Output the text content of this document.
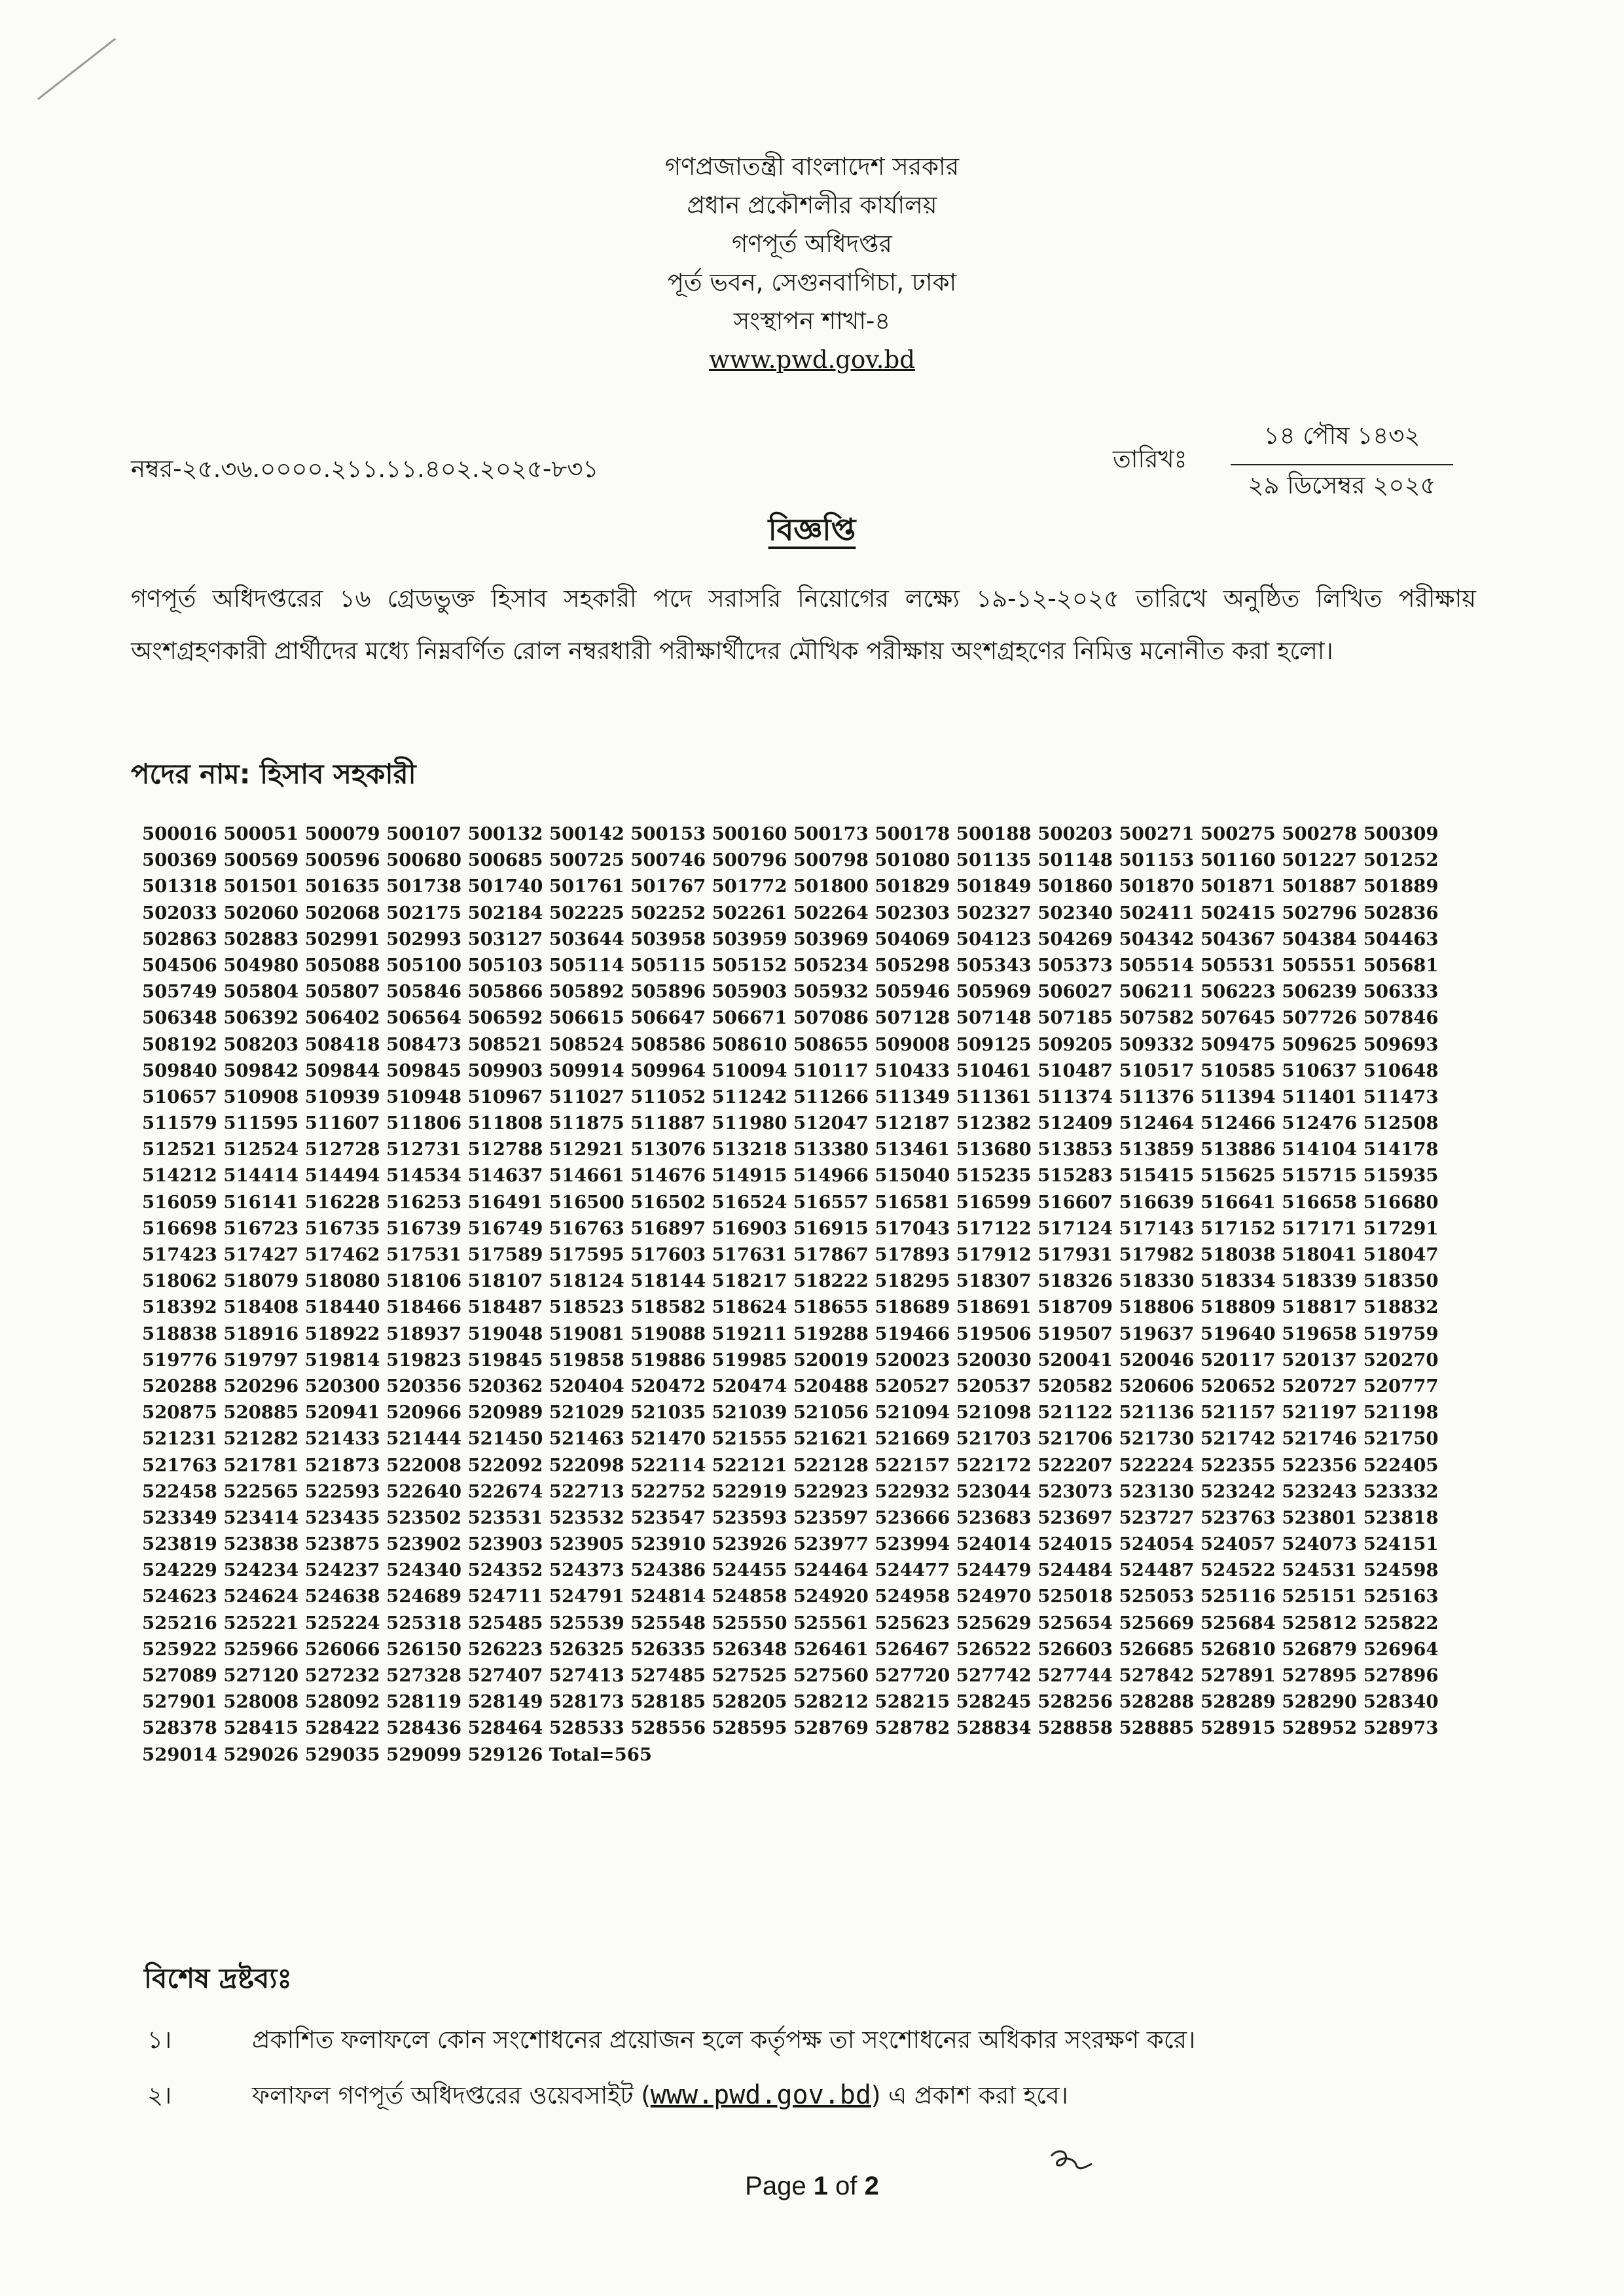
গণপ্রজাতন্ত্রী বাংলাদেশ সরকার
প্রধান প্রকৌশলীর কার্যালয়
গণপূর্ত অধিদপ্তর
পূর্ত ভবন, সেগুনবাগিচা, ঢাকা
সংস্থাপন শাখা-৪
www.pwd.gov.bd
নম্বর-২৫.৩৬.০০০০.২১১.১১.৪০২.২০২৫-৮৩১	তারিখঃ
১৪ পৌষ ১৪৩২
২৯ ডিসেম্বর ২০২৫
বিজ্ঞপ্তি
গণপূর্ত অধিদপ্তরের ১৬ গ্রেডভুক্ত হিসাব সহকারী পদে সরাসরি নিয়োগের লক্ষ্যে ১৯-১২-২০২৫ তারিখে অনুষ্ঠিত লিখিত পরীক্ষায় অংশগ্রহণকারী প্রার্থীদের মধ্যে নিম্নবর্ণিত রোল নম্বরধারী পরীক্ষার্থীদের মৌখিক পরীক্ষায় অংশগ্রহণের নিমিত্ত মনোনীত করা হলো।
পদের নাম: হিসাব সহকারী
500016 500051 500079 500107 500132 500142 500153 500160 500173 500178 500188 500203 500271 500275 500278 500309
500369 500569 500596 500680 500685 500725 500746 500796 500798 501080 501135 501148 501153 501160 501227 501252
501318 501501 501635 501738 501740 501761 501767 501772 501800 501829 501849 501860 501870 501871 501887 501889
502033 502060 502068 502175 502184 502225 502252 502261 502264 502303 502327 502340 502411 502415 502796 502836
502863 502883 502991 502993 503127 503644 503958 503959 503969 504069 504123 504269 504342 504367 504384 504463
504506 504980 505088 505100 505103 505114 505115 505152 505234 505298 505343 505373 505514 505531 505551 505681
505749 505804 505807 505846 505866 505892 505896 505903 505932 505946 505969 506027 506211 506223 506239 506333
506348 506392 506402 506564 506592 506615 506647 506671 507086 507128 507148 507185 507582 507645 507726 507846
508192 508203 508418 508473 508521 508524 508586 508610 508655 509008 509125 509205 509332 509475 509625 509693
509840 509842 509844 509845 509903 509914 509964 510094 510117 510433 510461 510487 510517 510585 510637 510648
510657 510908 510939 510948 510967 511027 511052 511242 511266 511349 511361 511374 511376 511394 511401 511473
511579 511595 511607 511806 511808 511875 511887 511980 512047 512187 512382 512409 512464 512466 512476 512508
512521 512524 512728 512731 512788 512921 513076 513218 513380 513461 513680 513853 513859 513886 514104 514178
514212 514414 514494 514534 514637 514661 514676 514915 514966 515040 515235 515283 515415 515625 515715 515935
516059 516141 516228 516253 516491 516500 516502 516524 516557 516581 516599 516607 516639 516641 516658 516680
516698 516723 516735 516739 516749 516763 516897 516903 516915 517043 517122 517124 517143 517152 517171 517291
517423 517427 517462 517531 517589 517595 517603 517631 517867 517893 517912 517931 517982 518038 518041 518047
518062 518079 518080 518106 518107 518124 518144 518217 518222 518295 518307 518326 518330 518334 518339 518350
518392 518408 518440 518466 518487 518523 518582 518624 518655 518689 518691 518709 518806 518809 518817 518832
518838 518916 518922 518937 519048 519081 519088 519211 519288 519466 519506 519507 519637 519640 519658 519759
519776 519797 519814 519823 519845 519858 519886 519985 520019 520023 520030 520041 520046 520117 520137 520270
520288 520296 520300 520356 520362 520404 520472 520474 520488 520527 520537 520582 520606 520652 520727 520777
520875 520885 520941 520966 520989 521029 521035 521039 521056 521094 521098 521122 521136 521157 521197 521198
521231 521282 521433 521444 521450 521463 521470 521555 521621 521669 521703 521706 521730 521742 521746 521750
521763 521781 521873 522008 522092 522098 522114 522121 522128 522157 522172 522207 522224 522355 522356 522405
522458 522565 522593 522640 522674 522713 522752 522919 522923 522932 523044 523073 523130 523242 523243 523332
523349 523414 523435 523502 523531 523532 523547 523593 523597 523666 523683 523697 523727 523763 523801 523818
523819 523838 523875 523902 523903 523905 523910 523926 523977 523994 524014 524015 524054 524057 524073 524151
524229 524234 524237 524340 524352 524373 524386 524455 524464 524477 524479 524484 524487 524522 524531 524598
524623 524624 524638 524689 524711 524791 524814 524858 524920 524958 524970 525018 525053 525116 525151 525163
525216 525221 525224 525318 525485 525539 525548 525550 525561 525623 525629 525654 525669 525684 525812 525822
525922 525966 526066 526150 526223 526325 526335 526348 526461 526467 526522 526603 526685 526810 526879 526964
527089 527120 527232 527328 527407 527413 527485 527525 527560 527720 527742 527744 527842 527891 527895 527896
527901 528008 528092 528119 528149 528173 528185 528205 528212 528215 528245 528256 528288 528289 528290 528340
528378 528415 528422 528436 528464 528533 528556 528595 528769 528782 528834 528858 528885 528915 528952 528973
529014 529026 529035 529099 529126 Total=565
বিশেষ দ্রষ্টব্যঃ
১।	প্রকাশিত ফলাফলে কোন সংশোধনের প্রয়োজন হলে কর্তৃপক্ষ তা সংশোধনের অধিকার সংরক্ষণ করে।
২।	ফলাফল গণপূর্ত অধিদপ্তরের ওয়েবসাইট (www.pwd.gov.bd) এ প্রকাশ করা হবে।
Page 1 of 2
